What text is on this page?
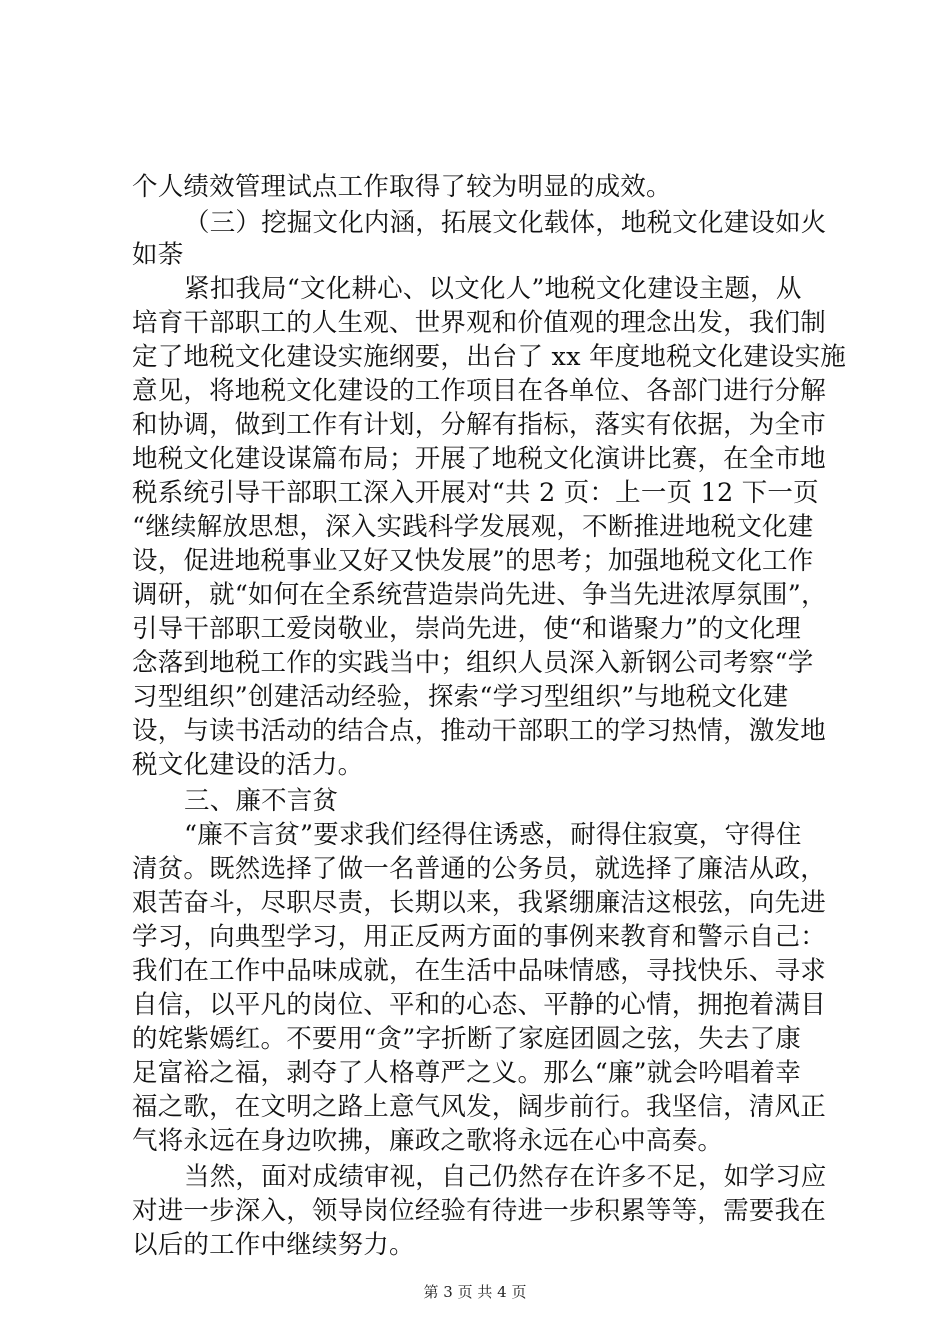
个人绩效管理试点工作取得了较为明显的成效。
（三）挖掘文化内涵，拓展文化载体，地税文化建设如火
如荼
紧扣我局“文化耕心、以文化人”地税文化建设主题，从
培育干部职工的人生观、世界观和价值观的理念出发，我们制
定了地税文化建设实施纲要，出台了 xx 年度地税文化建设实施
意见，将地税文化建设的工作项目在各单位、各部门进行分解
和协调，做到工作有计划，分解有指标，落实有依据，为全市
地税文化建设谋篇布局；开展了地税文化演讲比赛，在全市地
税系统引导干部职工深入开展对“共 2 页：上一页 12 下一页
“继续解放思想，深入实践科学发展观，不断推进地税文化建
设，促进地税事业又好又快发展”的思考；加强地税文化工作
调研，就“如何在全系统营造崇尚先进、争当先进浓厚氛围”，
引导干部职工爱岗敬业，崇尚先进，使“和谐聚力”的文化理
念落到地税工作的实践当中；组织人员深入新钢公司考察“学
习型组织”创建活动经验，探索“学习型组织”与地税文化建
设，与读书活动的结合点，推动干部职工的学习热情，激发地
税文化建设的活力。
三、廉不言贫
“廉不言贫”要求我们经得住诱惑，耐得住寂寞，守得住
清贫。既然选择了做一名普通的公务员，就选择了廉洁从政，
艰苦奋斗，尽职尽责，长期以来，我紧绷廉洁这根弦，向先进
学习，向典型学习，用正反两方面的事例来教育和警示自己：
我们在工作中品味成就，在生活中品味情感，寻找快乐、寻求
自信，以平凡的岗位、平和的心态、平静的心情，拥抱着满目
的姹紫嫣红。不要用“贪”字折断了家庭团圆之弦，失去了康
足富裕之福，剥夺了人格尊严之义。那么“廉”就会吟唱着幸
福之歌，在文明之路上意气风发，阔步前行。我坚信，清风正
气将永远在身边吹拂，廉政之歌将永远在心中高奏。
当然，面对成绩审视，自己仍然存在许多不足，如学习应
对进一步深入，领导岗位经验有待进一步积累等等，需要我在
以后的工作中继续努力。
第 3 页 共 4 页
